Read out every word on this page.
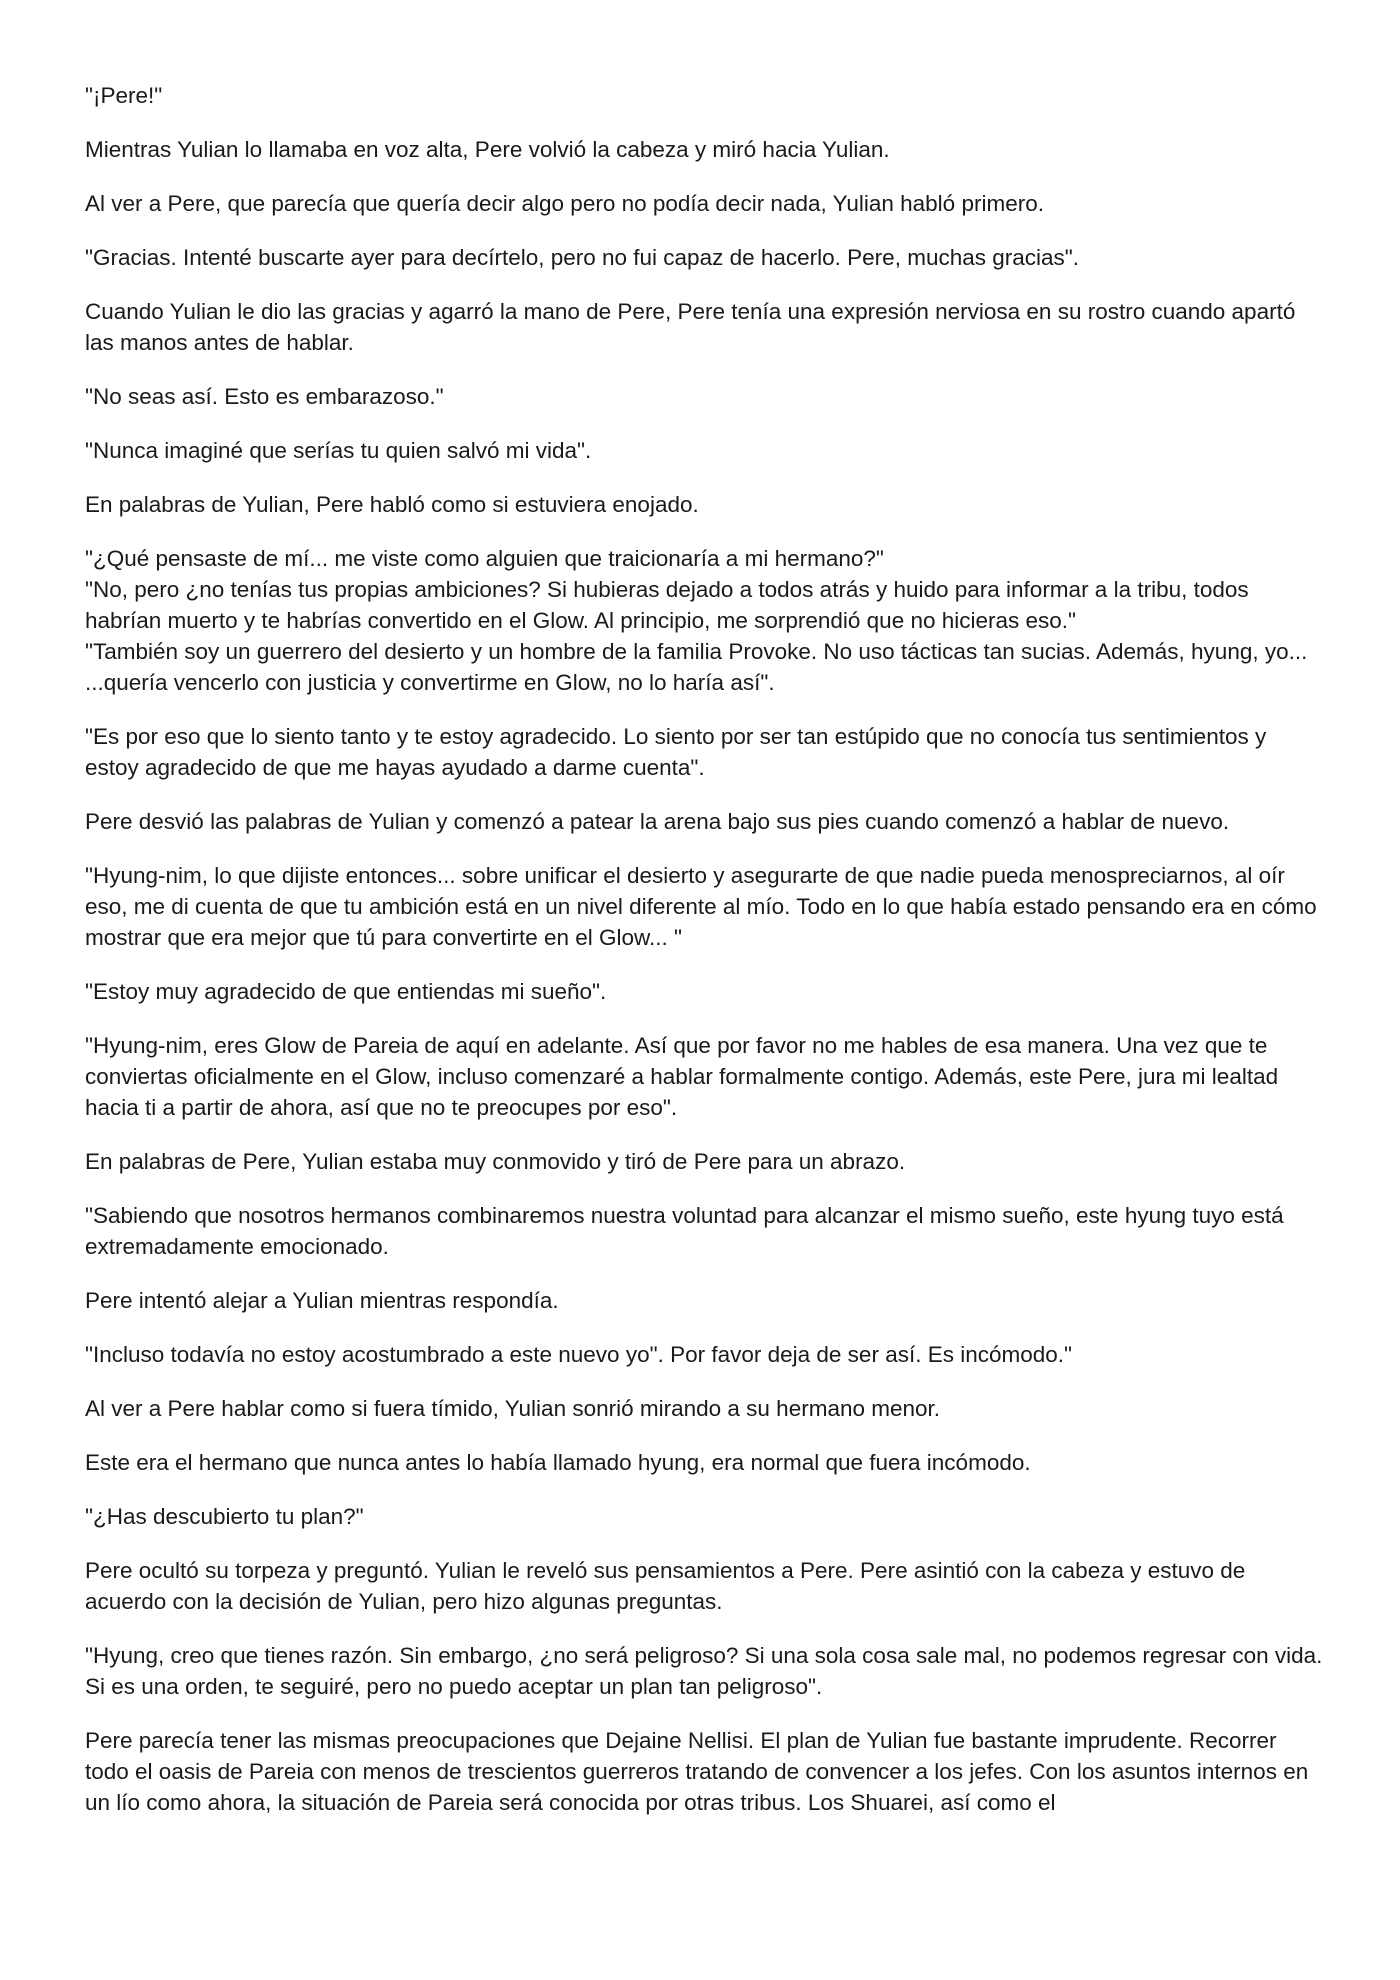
"¡Pere!"

Mientras Yulian lo llamaba en voz alta, Pere volvió la cabeza y miró hacia Yulian.

Al ver a Pere, que parecía que quería decir algo pero no podía decir nada, Yulian habló primero.

"Gracias. Intenté buscarte ayer para decírtelo, pero no fui capaz de hacerlo. Pere, muchas gracias".

Cuando Yulian le dio las gracias y agarró la mano de Pere, Pere tenía una expresión nerviosa en su rostro cuando apartó las manos antes de hablar.

"No seas así. Esto es embarazoso."

"Nunca imaginé que serías tu quien salvó mi vida".

En palabras de Yulian, Pere habló como si estuviera enojado.

"¿Qué pensaste de mí... me viste como alguien que traicionaría a mi hermano?"

"No, pero ¿no tenías tus propias ambiciones? Si hubieras dejado a todos atrás y huido para informar a la tribu, todos habrían muerto y te habrías convertido en el Glow. Al principio, me sorprendió que no hicieras eso."

"También soy un guerrero del desierto y un hombre de la familia Provoke. No uso tácticas tan sucias. Además, hyung, yo... ...quería vencerlo con justicia y convertirme en Glow, no lo haría así".

"Es por eso que lo siento tanto y te estoy agradecido. Lo siento por ser tan estúpido que no conocía tus sentimientos y estoy agradecido de que me hayas ayudado a darme cuenta".

Pere desvió las palabras de Yulian y comenzó a patear la arena bajo sus pies cuando comenzó a hablar de nuevo.

"Hyung-nim, lo que dijiste entonces... sobre unificar el desierto y asegurarte de que nadie pueda menospreciarnos, al oír eso, me di cuenta de que tu ambición está en un nivel diferente al mío. Todo en lo que había estado pensando era en cómo mostrar que era mejor que tú para convertirte en el Glow... "

"Estoy muy agradecido de que entiendas mi sueño".

"Hyung-nim, eres Glow de Pareia de aquí en adelante. Así que por favor no me hables de esa manera. Una vez que te conviertas oficialmente en el Glow, incluso comenzaré a hablar formalmente contigo. Además, este Pere, jura mi lealtad hacia ti a partir de ahora, así que no te preocupes por eso".

En palabras de Pere, Yulian estaba muy conmovido y tiró de Pere para un abrazo.

"Sabiendo que nosotros hermanos combinaremos nuestra voluntad para alcanzar el mismo sueño, este hyung tuyo está extremadamente emocionado.

Pere intentó alejar a Yulian mientras respondía.

"Incluso todavía no estoy acostumbrado a este nuevo yo". Por favor deja de ser así. Es incómodo."

Al ver a Pere hablar como si fuera tímido, Yulian sonrió mirando a su hermano menor.

Este era el hermano que nunca antes lo había llamado hyung, era normal que fuera incómodo.

"¿Has descubierto tu plan?"

Pere ocultó su torpeza y preguntó. Yulian le reveló sus pensamientos a Pere. Pere asintió con la cabeza y estuvo de acuerdo con la decisión de Yulian, pero hizo algunas preguntas.

"Hyung, creo que tienes razón. Sin embargo, ¿no será peligroso? Si una sola cosa sale mal, no podemos regresar con vida. Si es una orden, te seguiré, pero no puedo aceptar un plan tan peligroso".

Pere parecía tener las mismas preocupaciones que Dejaine Nellisi. El plan de Yulian fue bastante imprudente. Recorrer todo el oasis de Pareia con menos de trescientos guerreros tratando de convencer a los jefes. Con los asuntos internos en un lío como ahora, la situación de Pareia será conocida por otras tribus. Los Shuarei, así como el
